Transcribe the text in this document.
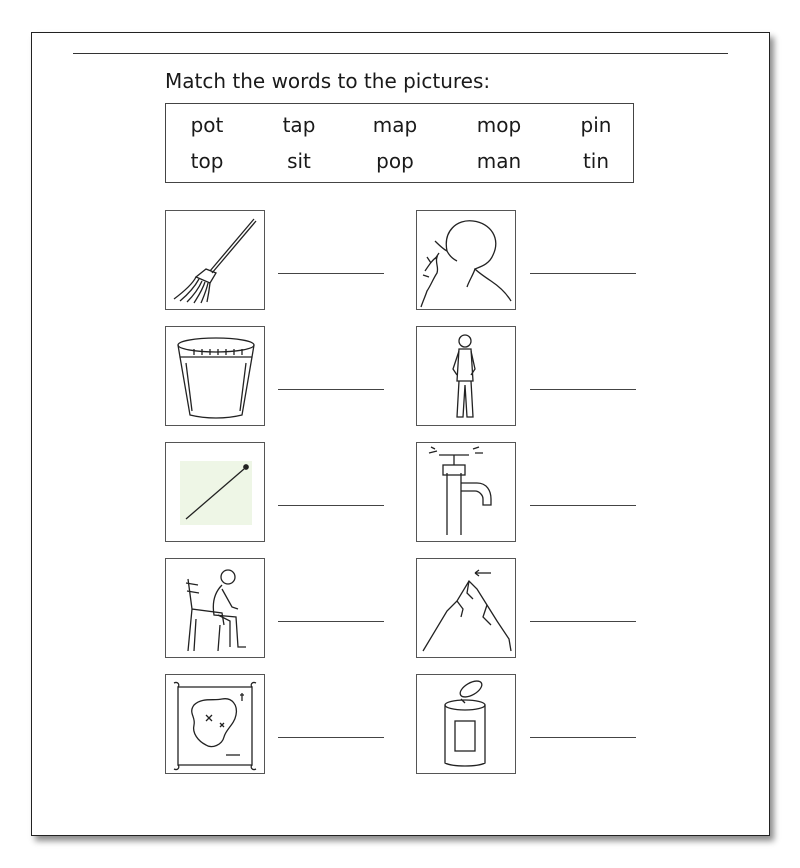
Match the words to the pictures:
pot	tap	map	mop	pin
top	sit	pop	man	tin
